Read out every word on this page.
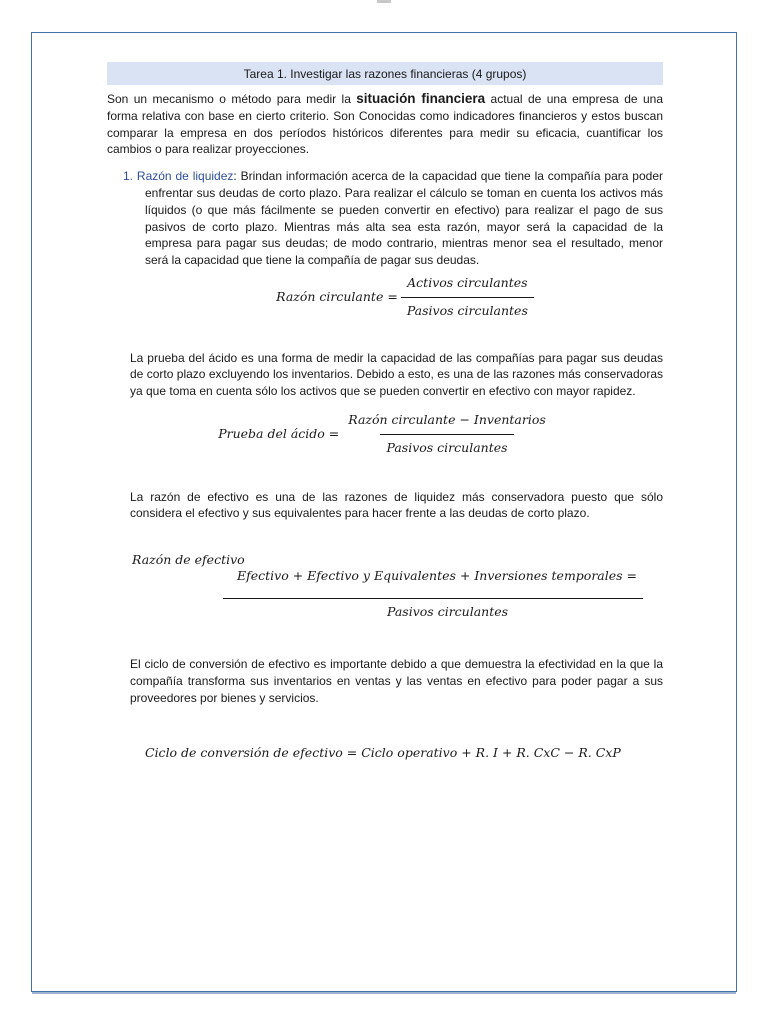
Tarea 1. Investigar las razones financieras (4 grupos)

Son un mecanismo o método para medir la situación financiera actual de una empresa de una forma relativa con base en cierto criterio. Son Conocidas como indicadores financieros y estos buscan comparar la empresa en dos períodos históricos diferentes para medir su eficacia, cuantificar los cambios o para realizar proyecciones.

1. Razón de liquidez: Brindan información acerca de la capacidad que tiene la compañía para poder enfrentar sus deudas de corto plazo. Para realizar el cálculo se toman en cuenta los activos más líquidos (o que más fácilmente se pueden convertir en efectivo) para realizar el pago de sus pasivos de corto plazo. Mientras más alta sea esta razón, mayor será la capacidad de la empresa para pagar sus deudas; de modo contrario, mientras menor sea el resultado, menor será la capacidad que tiene la compañía de pagar sus deudas.

Razón circulante = $\frac{\text{Activos circulantes}}{\text{Pasivos circulantes}}$

La prueba del ácido es una forma de medir la capacidad de las compañías para pagar sus deudas de corto plazo excluyendo los inventarios. Debido a esto, es una de las razones más conservadoras ya que toma en cuenta sólo los activos que se pueden convertir en efectivo con mayor rapidez.

Prueba del ácido = $\frac{\text{Razón circulante − Inventarios}}{\text{Pasivos circulantes}}$

La razón de efectivo es una de las razones de liquidez más conservadora puesto que sólo considera el efectivo y sus equivalentes para hacer frente a las deudas de corto plazo.

Razón de efectivo
Efectivo + Efectivo y Equivalentes + Inversiones temporales =
Pasivos circulantes

El ciclo de conversión de efectivo es importante debido a que demuestra la efectividad en la que la compañía transforma sus inventarios en ventas y las ventas en efectivo para poder pagar a sus proveedores por bienes y servicios.

Ciclo de conversión de efectivo = Ciclo operativo + R. I + R. CxC − R. CxP
